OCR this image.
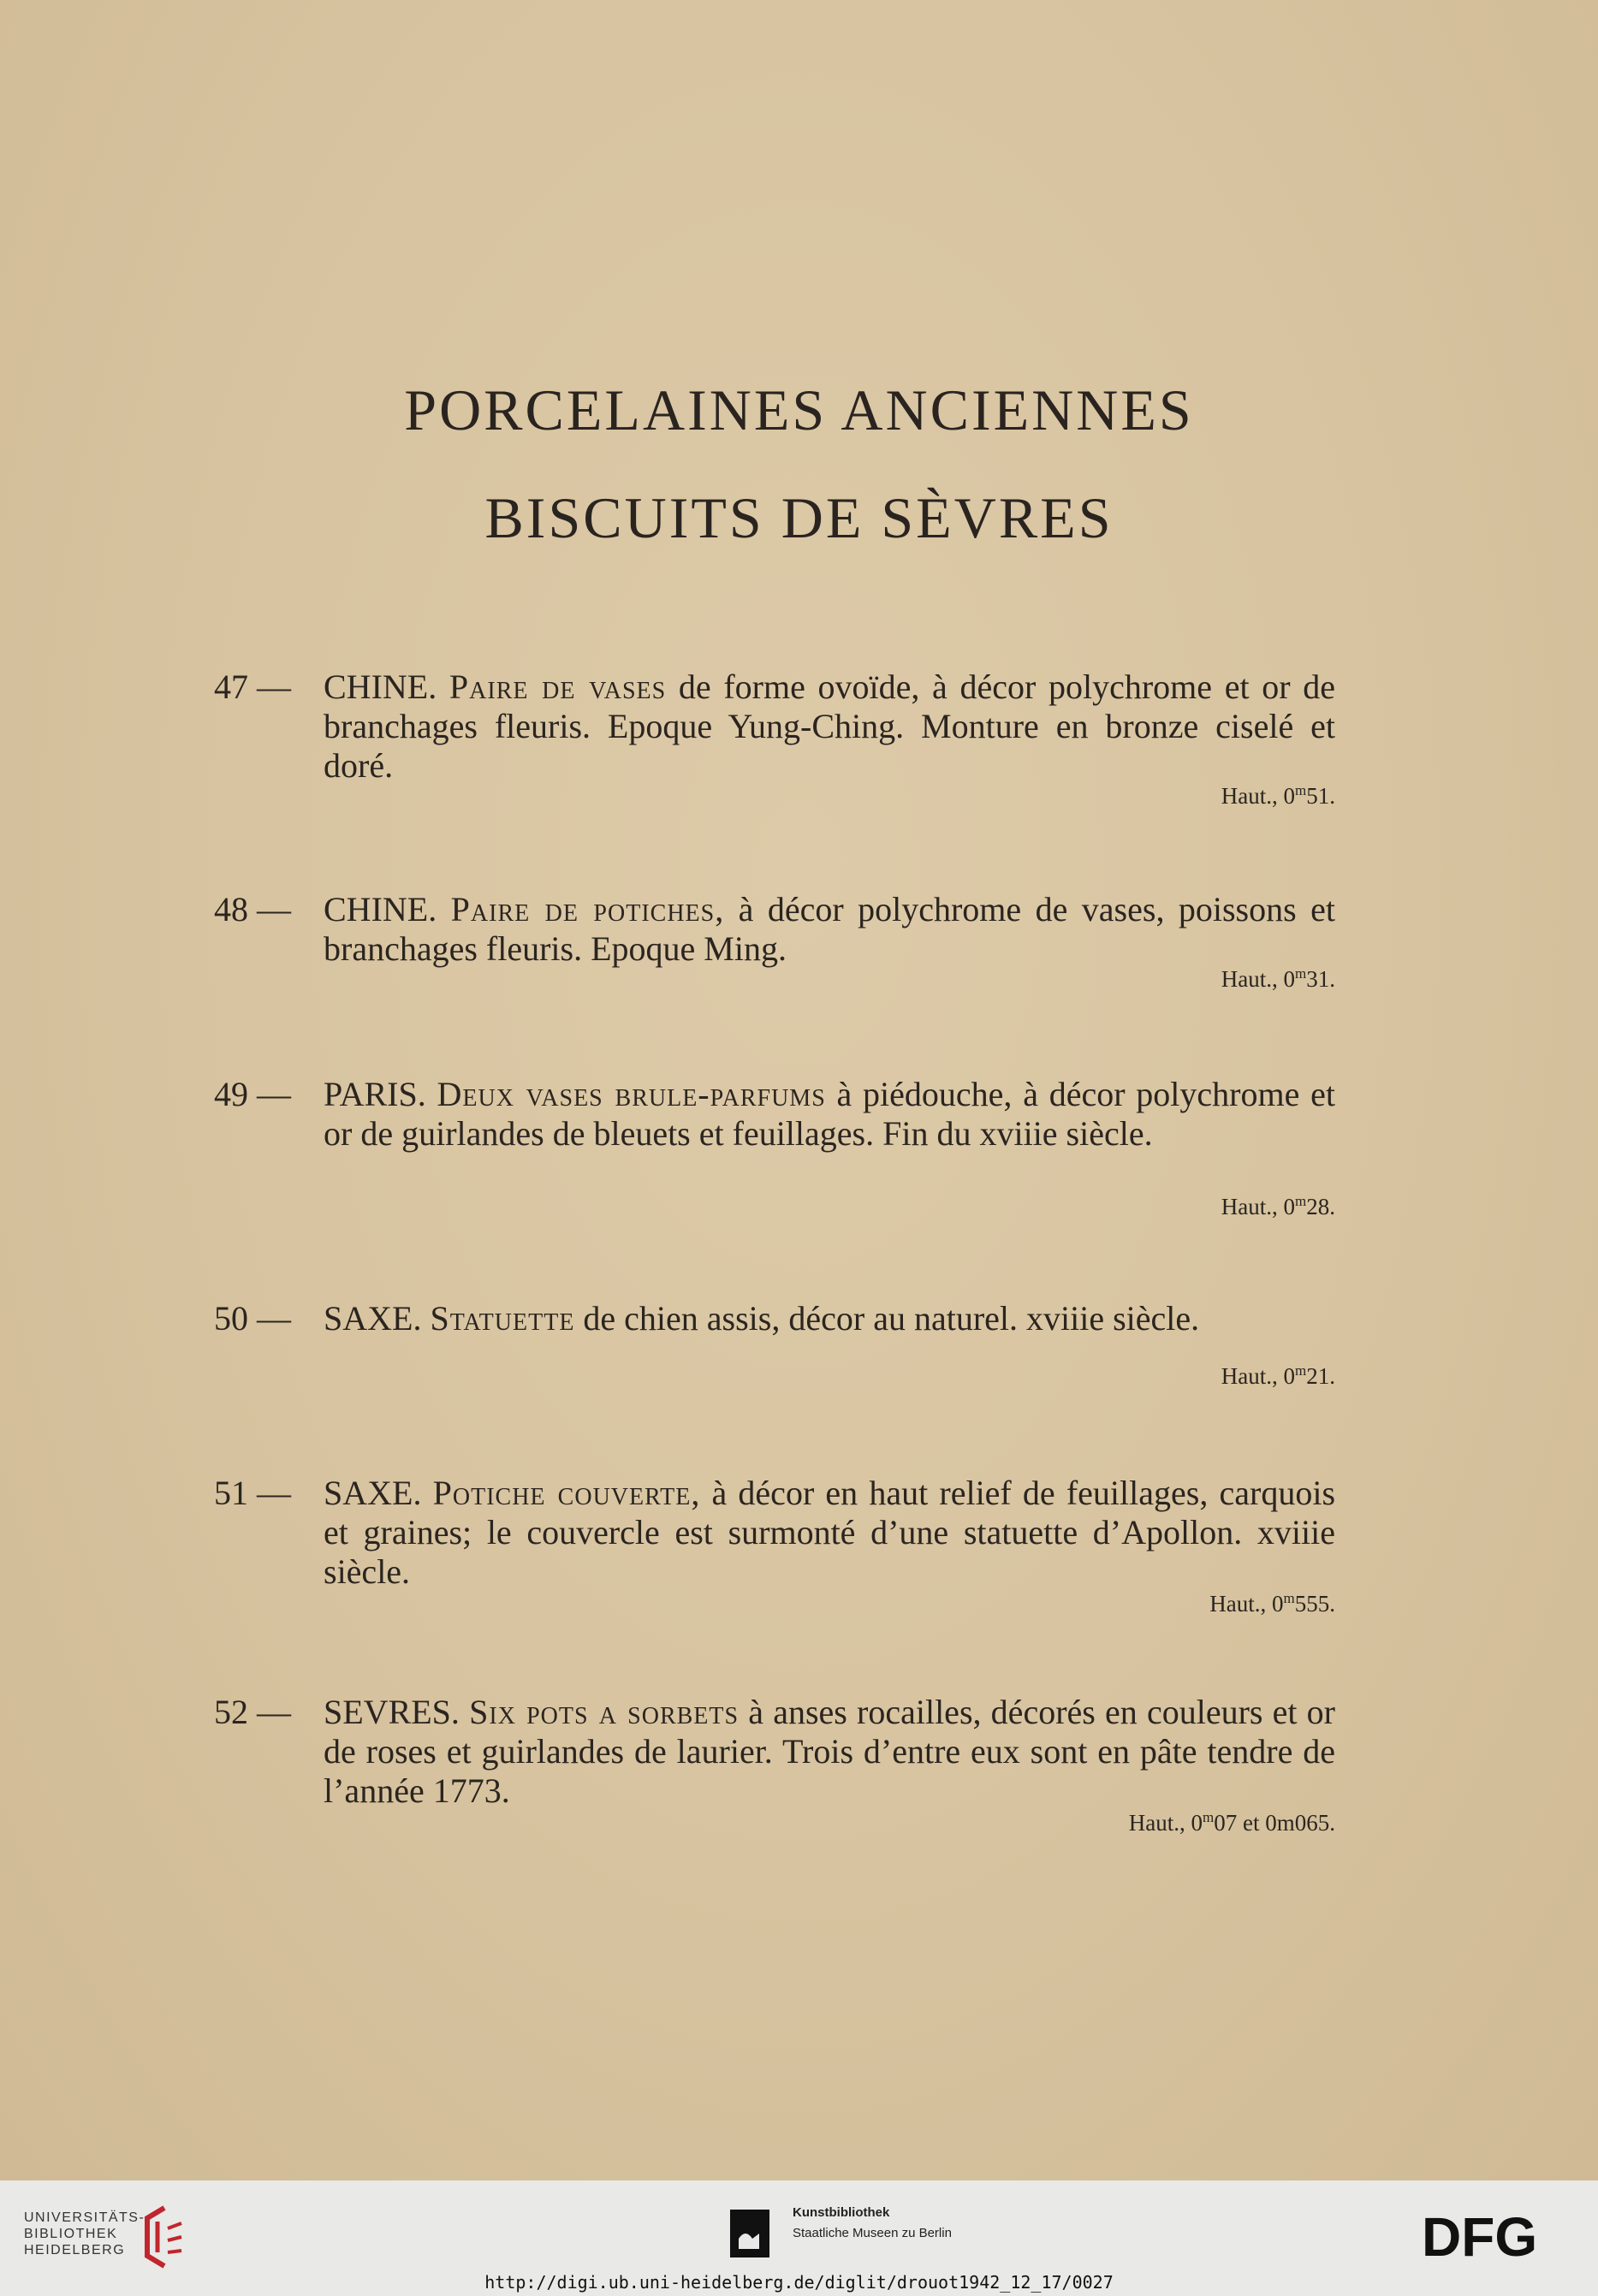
PORCELAINES ANCIENNES
BISCUITS DE SÈVRES
47 — CHINE. Paire de vases de forme ovoïde, à décor polychrome et or de branchages fleuris. Epoque Yung-Ching. Monture en bronze ciselé et doré.
Haut., 0$^m$51.
48 — CHINE. Paire de potiches, à décor polychrome de vases, poissons et branchages fleuris. Epoque Ming.
Haut., 0$^m$31.
49 — PARIS. Deux vases brule-parfums à piédouche, à décor polychrome et or de guirlandes de bleuets et feuillages. Fin du xviiie siècle.
Haut., 0$^m$28.
50 — SAXE. Statuette de chien assis, décor au naturel. xviiie siècle.
Haut., 0$^m$21.
51 — SAXE. Potiche couverte, à décor en haut relief de feuillages, carquois et graines; le couvercle est surmonté d’une statuette d’Apollon. xviiie siècle.
Haut., 0$^m$555.
52 — SEVRES. Six pots a sorbets à anses rocailles, décorés en couleurs et or de roses et guirlandes de laurier. Trois d’entre eux sont en pâte tendre de l’année 1773.
Haut., 0$^m$07 et 0m065.
UNIVERSITÄTS-
BIBLIOTHEK
HEIDELBERG
Kunstbibliothek
Staatliche Museen zu Berlin	DFG
http://digi.ub.uni-heidelberg.de/diglit/drouot1942_12_17/0027
